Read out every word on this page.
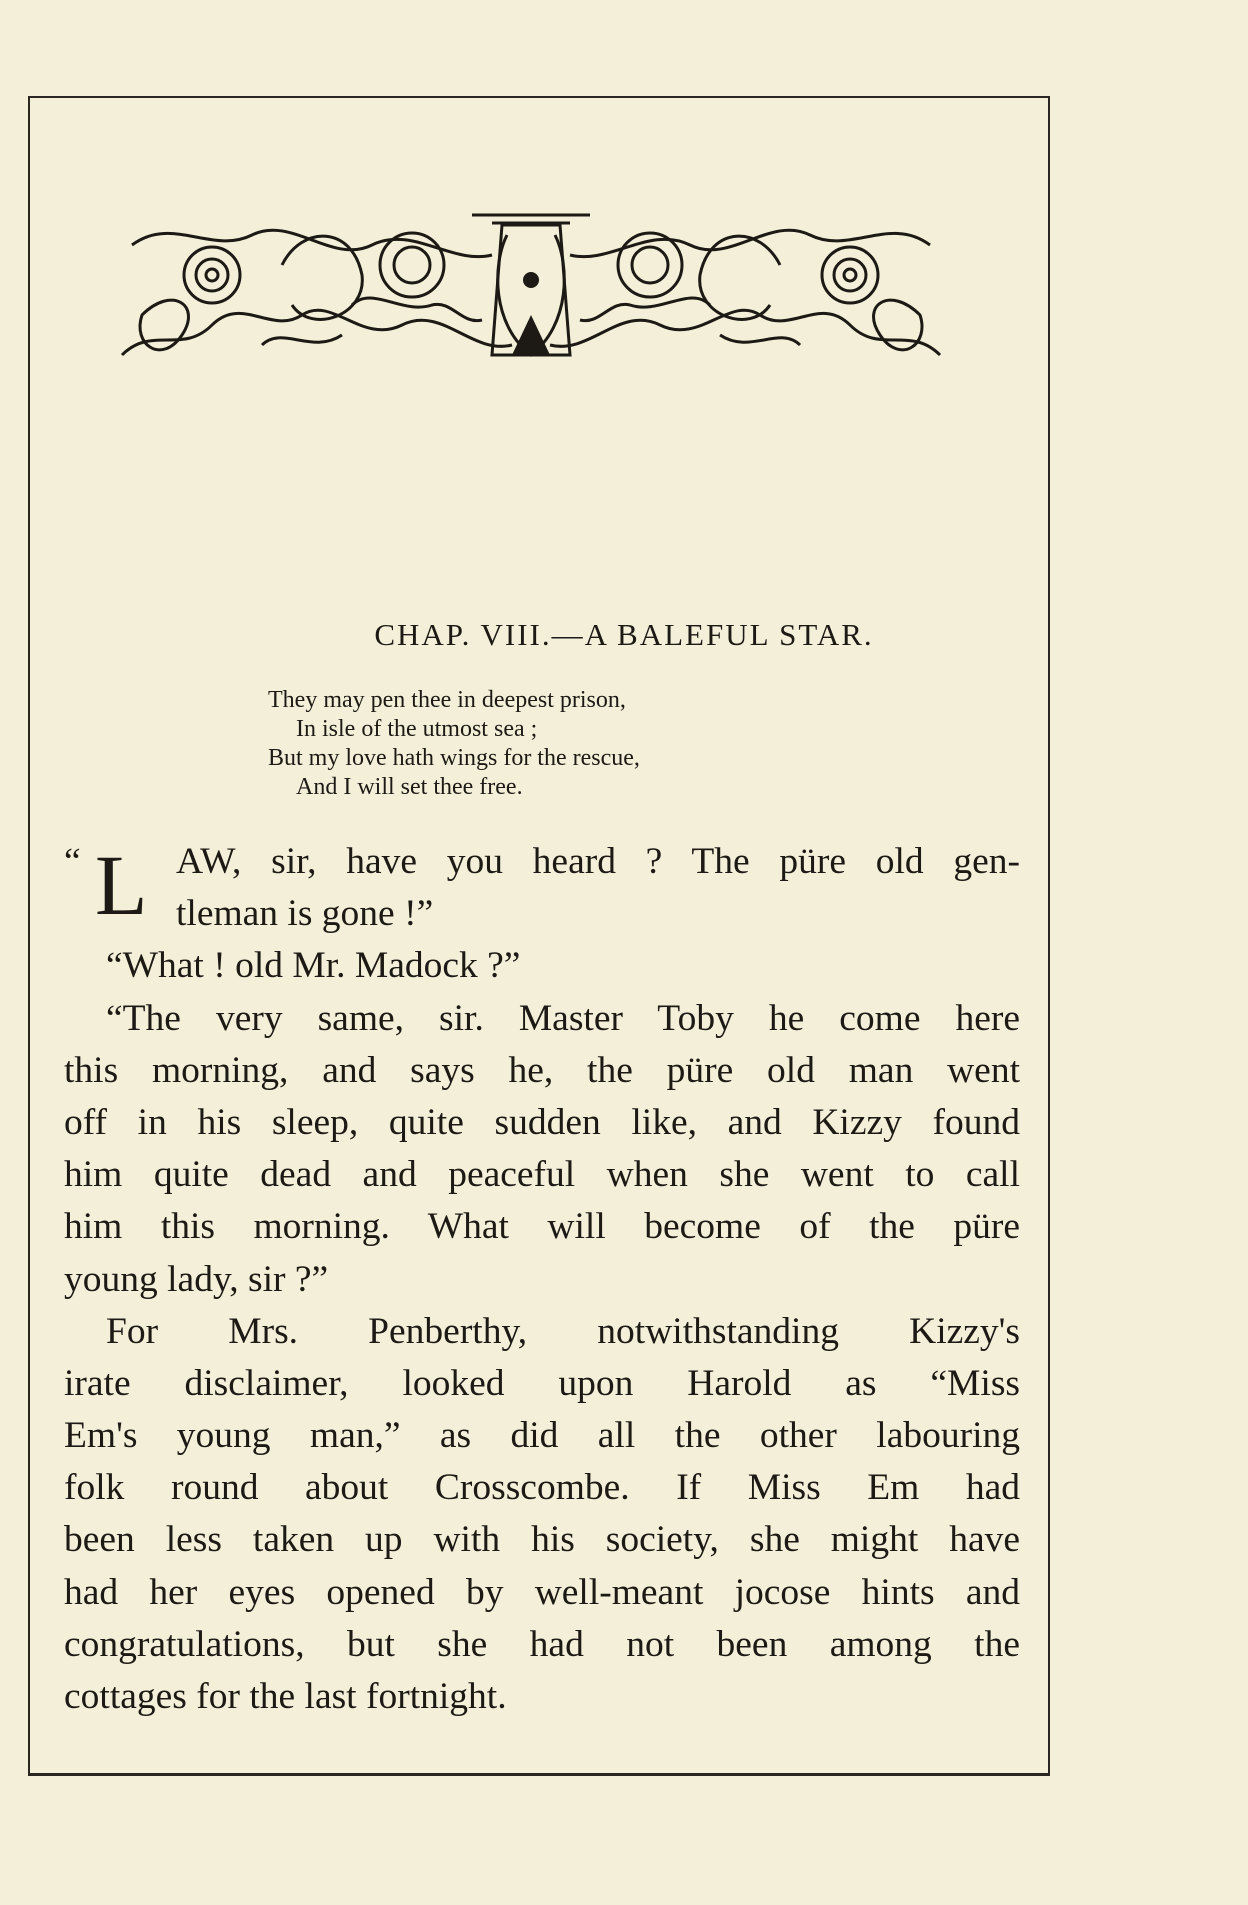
CHAP. VIII.—A BALEFUL STAR.
They may pen thee in deepest prison,
In isle of the utmost sea ;
But my love hath wings for the rescue,
And I will set thee free.
“ L AW, sir, have you heard ? The püre old gen-
tleman is gone !”
“What ! old Mr. Madock ?”
“The very same, sir. Master Toby he come here
this morning, and says he, the püre old man went
off in his sleep, quite sudden like, and Kizzy found
him quite dead and peaceful when she went to call
him this morning. What will become of the püre
young lady, sir ?”
For Mrs. Penberthy, notwithstanding Kizzy's
irate disclaimer, looked upon Harold as “Miss
Em's young man,” as did all the other labouring
folk round about Crosscombe. If Miss Em had
been less taken up with his society, she might have
had her eyes opened by well-meant jocose hints and
congratulations, but she had not been among the
cottages for the last fortnight.
